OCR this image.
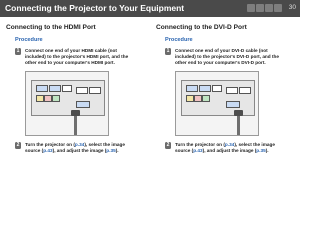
Connecting the Projector to Your Equipment	30
Connecting to the HDMI Port
Procedure
1	Connect one end of your HDMI cable (not included) to the projector's HDMI port, and the other end to your computer's HDMI port.
2	Turn the projector on (p.34), select the image source (p.43), and adjust the image (p.35).
Connecting to the DVI-D Port
Procedure
1	Connect one end of your DVI-D cable (not included) to the projector's DVI-D port, and the other end to your computer's DVI-D port.
2	Turn the projector on (p.34), select the image source (p.43), and adjust the image (p.35).
